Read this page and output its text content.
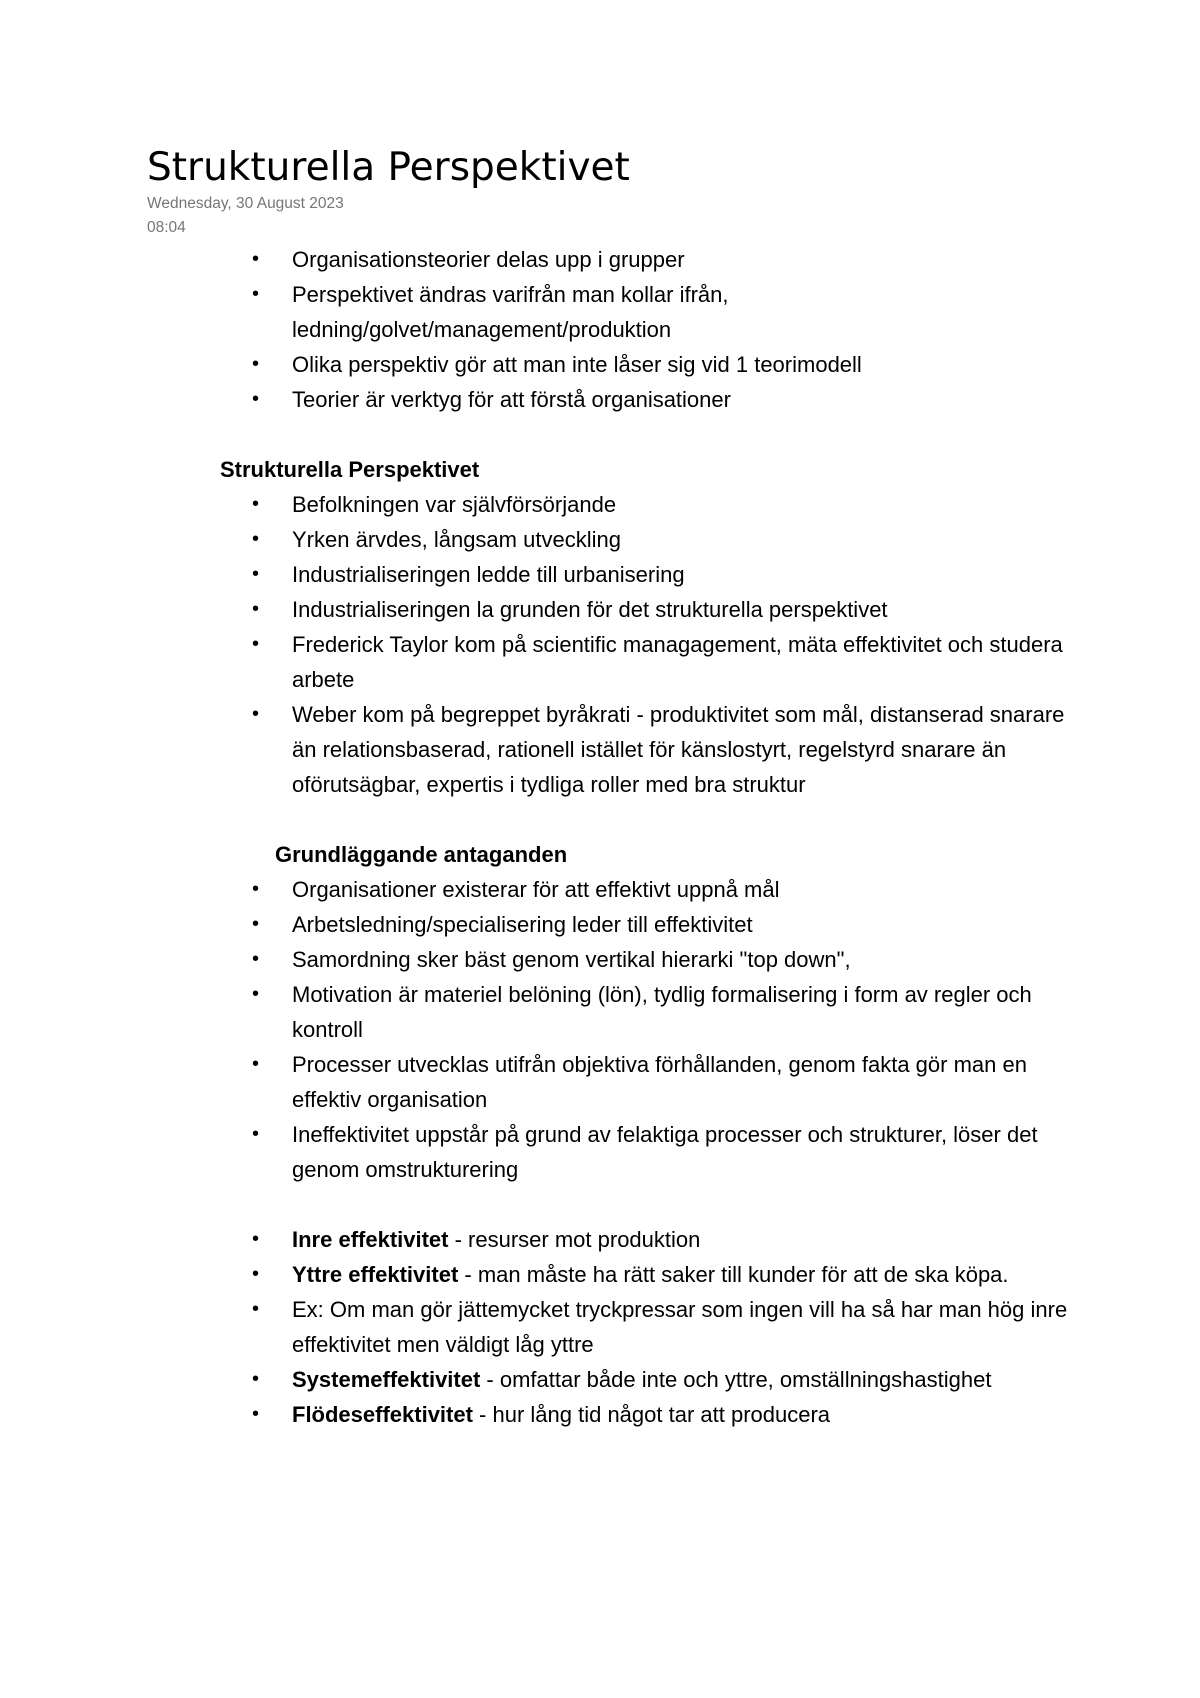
Strukturella Perspektivet
Wednesday, 30 August 2023
08:04
• Organisationsteorier delas upp i grupper
• Perspektivet ändras varifrån man kollar ifrån, ledning/golvet/management/produktion
• Olika perspektiv gör att man inte låser sig vid 1 teorimodell
• Teorier är verktyg för att förstå organisationer
Strukturella Perspektivet
• Befolkningen var självförsörjande
• Yrken ärvdes, långsam utveckling
• Industrialiseringen ledde till urbanisering
• Industrialiseringen la grunden för det strukturella perspektivet
• Frederick Taylor kom på scientific managagement, mäta effektivitet och studera arbete
• Weber kom på begreppet byråkrati - produktivitet som mål, distanserad snarare än relationsbaserad, rationell istället för känslostyrt, regelstyrd snarare än oförutsägbar, expertis i tydliga roller med bra struktur
Grundläggande antaganden
• Organisationer existerar för att effektivt uppnå mål
• Arbetsledning/specialisering leder till effektivitet
• Samordning sker bäst genom vertikal hierarki "top down",
• Motivation är materiel belöning (lön), tydlig formalisering i form av regler och kontroll
• Processer utvecklas utifrån objektiva förhållanden, genom fakta gör man en effektiv organisation
• Ineffektivitet uppstår på grund av felaktiga processer och strukturer, löser det genom omstrukturering
• Inre effektivitet - resurser mot produktion
• Yttre effektivitet - man måste ha rätt saker till kunder för att de ska köpa.
• Ex: Om man gör jättemycket tryckpressar som ingen vill ha så har man hög inre effektivitet men väldigt låg yttre
• Systemeffektivitet - omfattar både inte och yttre, omställningshastighet
• Flödeseffektivitet - hur lång tid något tar att producera
